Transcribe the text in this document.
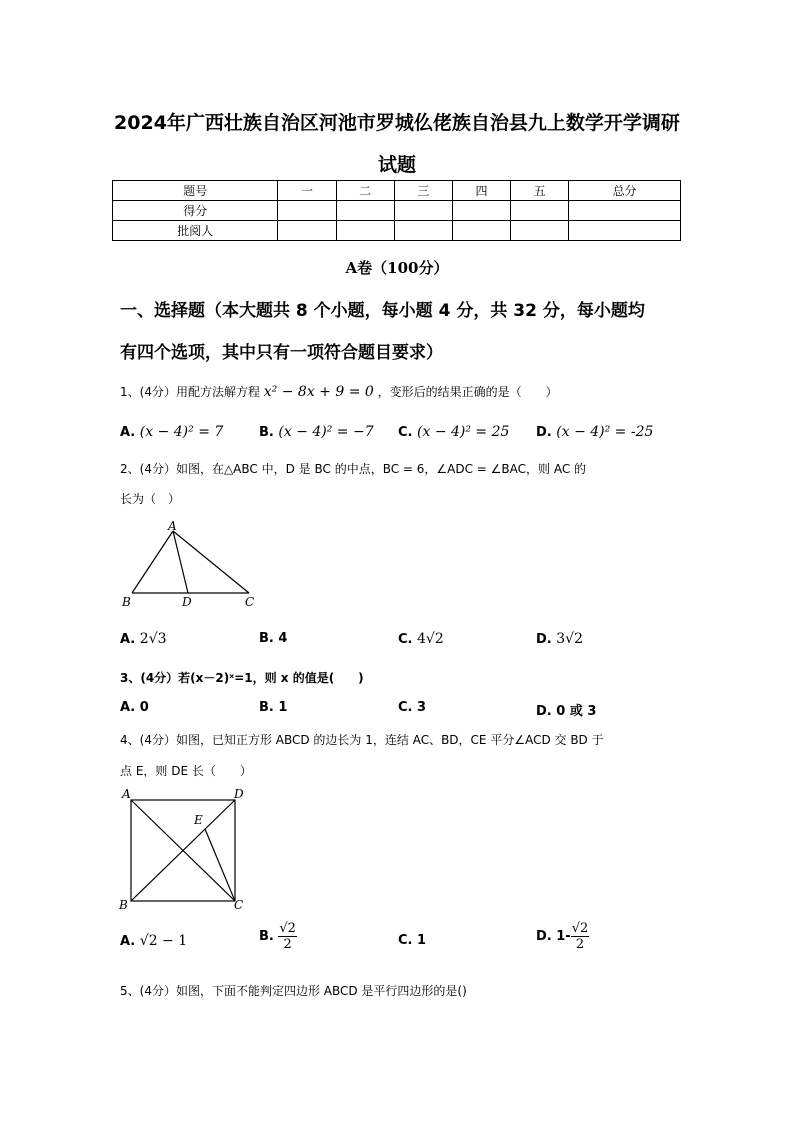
2024年广西壮族自治区河池市罗城仫佬族自治县九上数学开学调研
试题
题号	一	二	三	四	五	总分
得分						
批阅人						
A卷（100分）
一、选择题（本大题共 8 个小题，每小题 4 分，共 32 分，每小题均
有四个选项，其中只有一项符合题目要求）
1、(4分）用配方法解方程 x² − 8x + 9 = 0 ，变形后的结果正确的是（　　）
A. (x − 4)² = 7	B. (x − 4)² = −7 C. (x − 4)² = 25 D. (x − 4)² = -25
2、(4分）如图，在△ABC 中，D 是 BC 的中点，BC = 6，∠ADC = ∠BAC，则 AC 的
长为（　）
A
B	D	C
A. 2√3	B. 4	C. 4√2	D. 3√2
3、(4分）若(x－2)ˣ=1，则 x 的值是(　　)
A. 0	B. 1	C. 3	D. 0 或 3
4、(4分）如图，已知正方形 ABCD 的边长为 1，连结 AC、BD，CE 平分∠ACD 交 BD 于
点 E，则 DE 长（　　）
A	D
E
B	C
A. √2 − 1	B. $\frac{√2}{2}$	C. 1	D. $1- \frac{√2}{2}$
5、(4分）如图，下面不能判定四边形 ABCD 是平行四边形的是()
